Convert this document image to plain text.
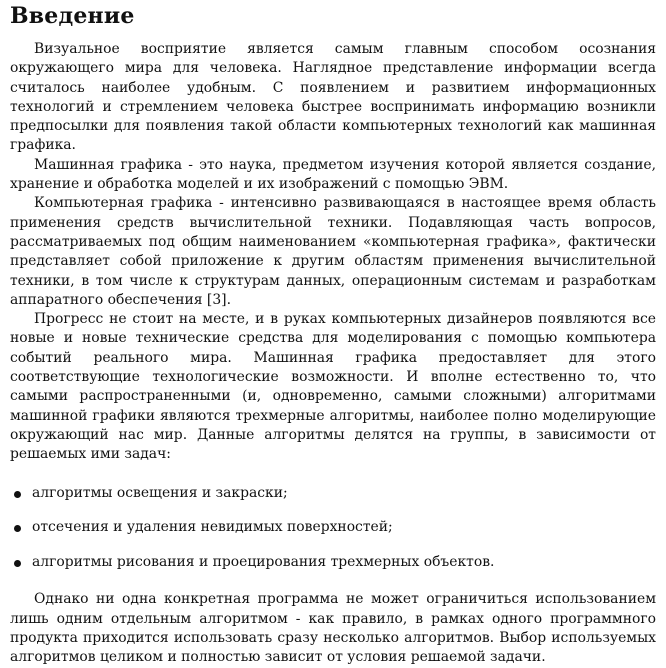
Введение

Визуальное восприятие является самым главным способом осознания окружающего мира для человека. Наглядное представление информации всегда считалось наиболее удобным. С появлением и развитием информационных технологий и стремлением человека быстрее воспринимать информацию возникли предпосылки для появления такой области компьютерных технологий как машинная графика.

Машинная графика - это наука, предметом изучения которой является создание, хранение и обработка моделей и их изображений с помощью ЭВМ.

Компьютерная графика - интенсивно развивающаяся в настоящее время область применения средств вычислительной техники. Подавляющая часть вопросов, рассматриваемых под общим наименованием «компьютерная графика», фактически представляет собой приложение к другим областям применения вычислительной техники, в том числе к структурам данных, операционным системам и разработкам аппаратного обеспечения [3].

Прогресс не стоит на месте, и в руках компьютерных дизайнеров появляются все новые и новые технические средства для моделирования с помощью компьютера событий реального мира. Машинная графика предоставляет для этого соответствующие технологические возможности. И вполне естественно то, что самыми распространенными (и, одновременно, самыми сложными) алгоритмами машинной графики являются трехмерные алгоритмы, наиболее полно моделирующие окружающий нас мир. Данные алгоритмы делятся на группы, в зависимости от решаемых ими задач:

алгоритмы освещения и закраски;
отсечения и удаления невидимых поверхностей;
алгоритмы рисования и проецирования трехмерных объектов.

Однако ни одна конкретная программа не может ограничиться использованием лишь одним отдельным алгоритмом - как правило, в рамках одного программного продукта приходится использовать сразу несколько алгоритмов. Выбор используемых алгоритмов целиком и полностью зависит от условия решаемой задачи.
